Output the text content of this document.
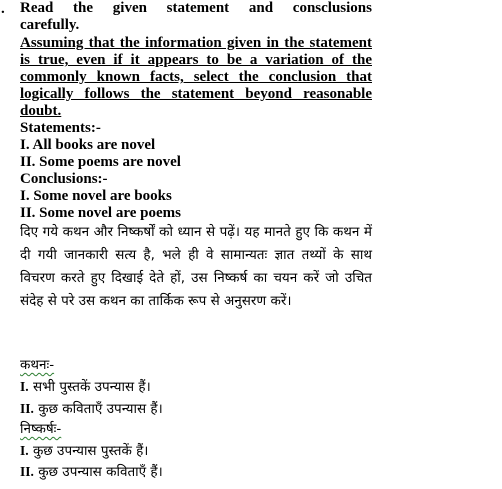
. Read the given statement and consclusions
carefully.
Assuming that the information given in the statement is true, even if it appears to be a variation of the commonly known facts, select the conclusion that logically follows the statement beyond reasonable doubt.
Statements:-
I. All books are novel
II. Some poems are novel
Conclusions:-
I. Some novel are books
II. Some novel are poems
दिए गये कथन और निष्कर्षों को ध्यान से पढ़ें। यह मानते हुए कि कथन में दी गयी जानकारी सत्य है, भले ही वे सामान्यतः ज्ञात तथ्यों के साथ विचरण करते हुए दिखाई देते हों, उस निष्कर्ष का चयन करें जो उचित संदेह से परे उस कथन का तार्किक रूप से अनुसरण करें।
कथनः-
I. सभी पुस्तकें उपन्यास हैं।
II. कुछ कविताएँ उपन्यास हैं।
निष्कर्षः-
I. कुछ उपन्यास पुस्तकें हैं।
II. कुछ उपन्यास कविताएँ हैं।
